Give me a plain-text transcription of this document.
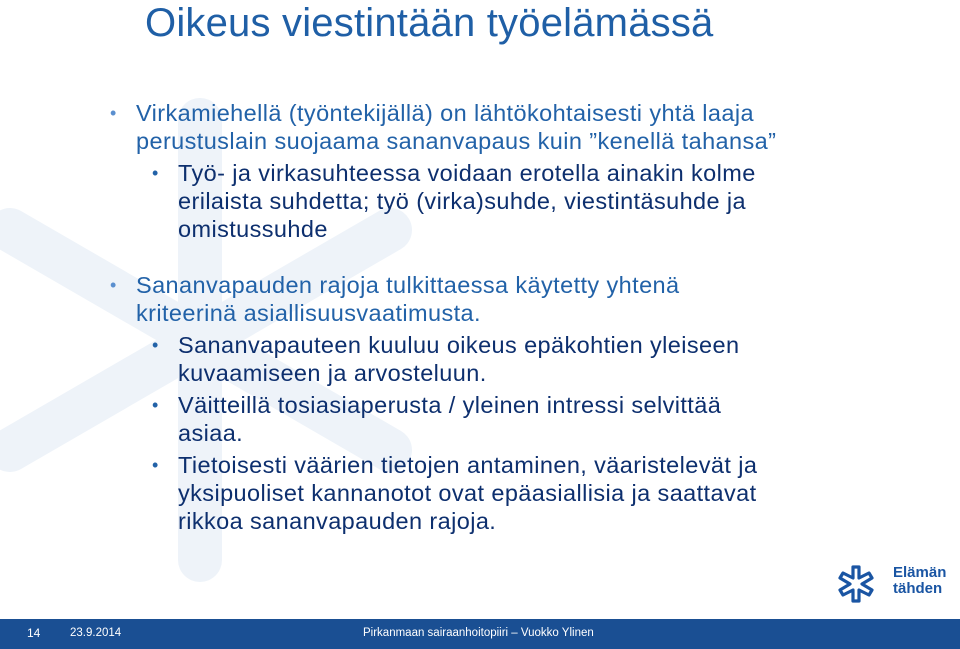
Oikeus viestintään työelämässä
• Virkamiehellä (työntekijällä) on lähtökohtaisesti yhtä laaja
perustuslain suojaama sananvapaus kuin ”kenellä tahansa”
• Työ- ja virkasuhteessa voidaan erotella ainakin kolme
erilaista suhdetta; työ (virka)suhde, viestintäsuhde ja
omistussuhde
• Sananvapauden rajoja tulkittaessa käytetty yhtenä
kriteerinä asiallisuusvaatimusta.
• Sananvapauteen kuuluu oikeus epäkohtien yleiseen
kuvaamiseen ja arvosteluun.
• Väitteillä tosiasiaperusta / yleinen intressi selvittää
asiaa.
• Tietoisesti väärien tietojen antaminen, väaristelevät ja
yksipuoliset kannanotot ovat epäasiallisia ja saattavat
rikkoa sananvapauden rajoja.
Elämän
tähden
14	23.9.2014	Pirkanmaan sairaanhoitopiiri – Vuokko Ylinen
